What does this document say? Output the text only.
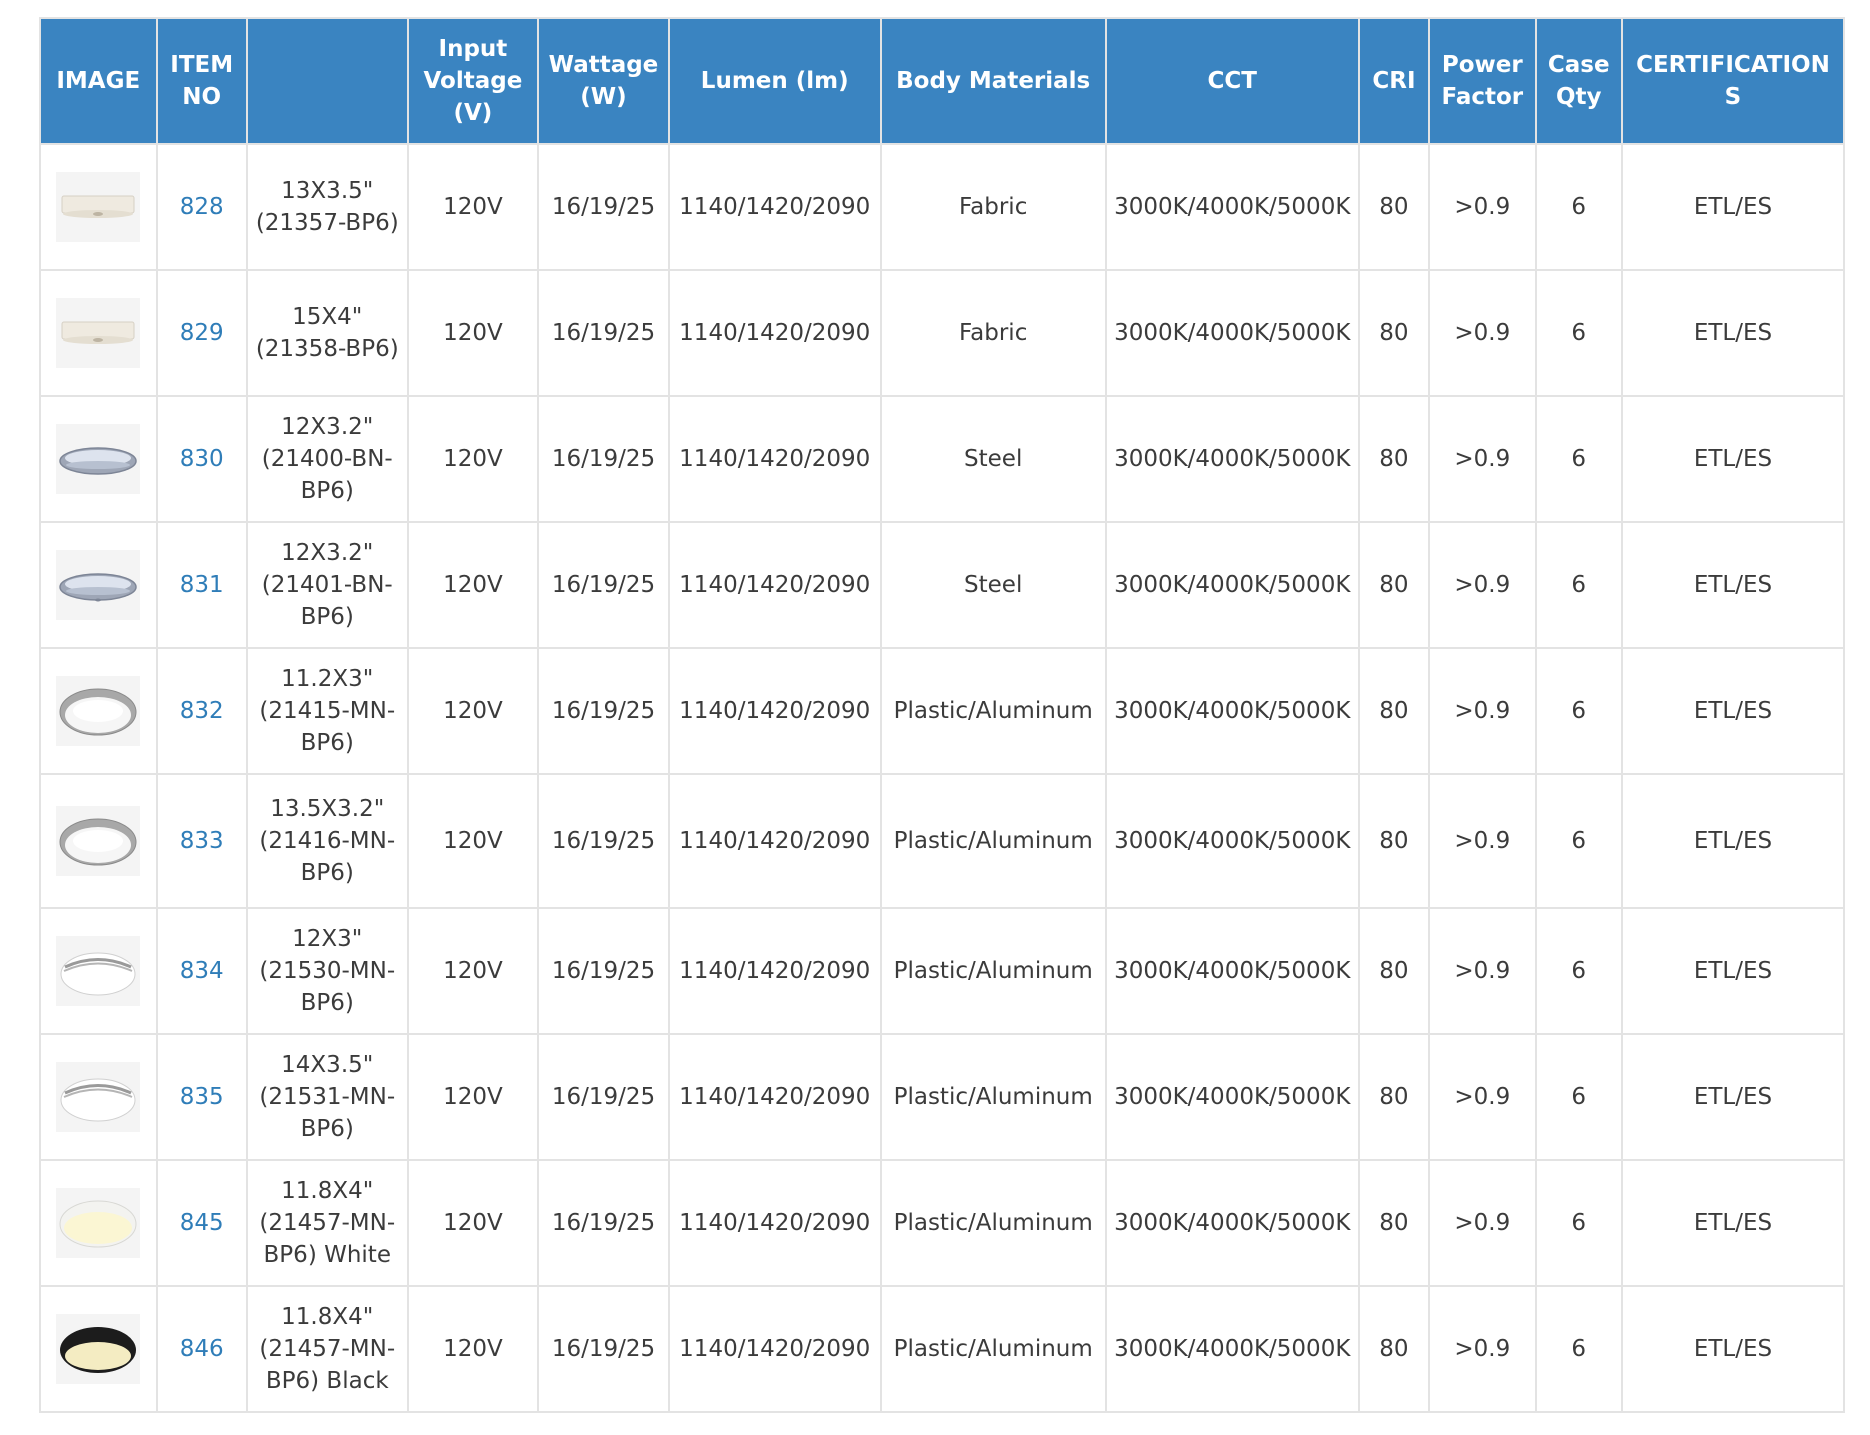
IMAGE	ITEM NO		Input Voltage (V)	Wattage (W)	Lumen (lm)	Body Materials	CCT	CRI	Power Factor	Case Qty	CERTIFICATIONS

	828	13X3.5" (21357-BP6)	120V	16/19/25	1140/1420/2090	Fabric	3000K/4000K/5000K	80	>0.9	6	ETL/ES

	829	15X4" (21358-BP6)	120V	16/19/25	1140/1420/2090	Fabric	3000K/4000K/5000K	80	>0.9	6	ETL/ES

	830	12X3.2" (21400-BN-BP6)	120V	16/19/25	1140/1420/2090	Steel	3000K/4000K/5000K	80	>0.9	6	ETL/ES

	831	12X3.2" (21401-BN-BP6)	120V	16/19/25	1140/1420/2090	Steel	3000K/4000K/5000K	80	>0.9	6	ETL/ES

	832	11.2X3" (21415-MN-BP6)	120V	16/19/25	1140/1420/2090	Plastic/Aluminum	3000K/4000K/5000K	80	>0.9	6	ETL/ES

	833	13.5X3.2" (21416-MN-BP6)	120V	16/19/25	1140/1420/2090	Plastic/Aluminum	3000K/4000K/5000K	80	>0.9	6	ETL/ES

	834	12X3" (21530-MN-BP6)	120V	16/19/25	1140/1420/2090	Plastic/Aluminum	3000K/4000K/5000K	80	>0.9	6	ETL/ES

	835	14X3.5" (21531-MN-BP6)	120V	16/19/25	1140/1420/2090	Plastic/Aluminum	3000K/4000K/5000K	80	>0.9	6	ETL/ES

	845	11.8X4" (21457-MN-BP6) White	120V	16/19/25	1140/1420/2090	Plastic/Aluminum	3000K/4000K/5000K	80	>0.9	6	ETL/ES

	846	11.8X4" (21457-MN-BP6) Black	120V	16/19/25	1140/1420/2090	Plastic/Aluminum	3000K/4000K/5000K	80	>0.9	6	ETL/ES
